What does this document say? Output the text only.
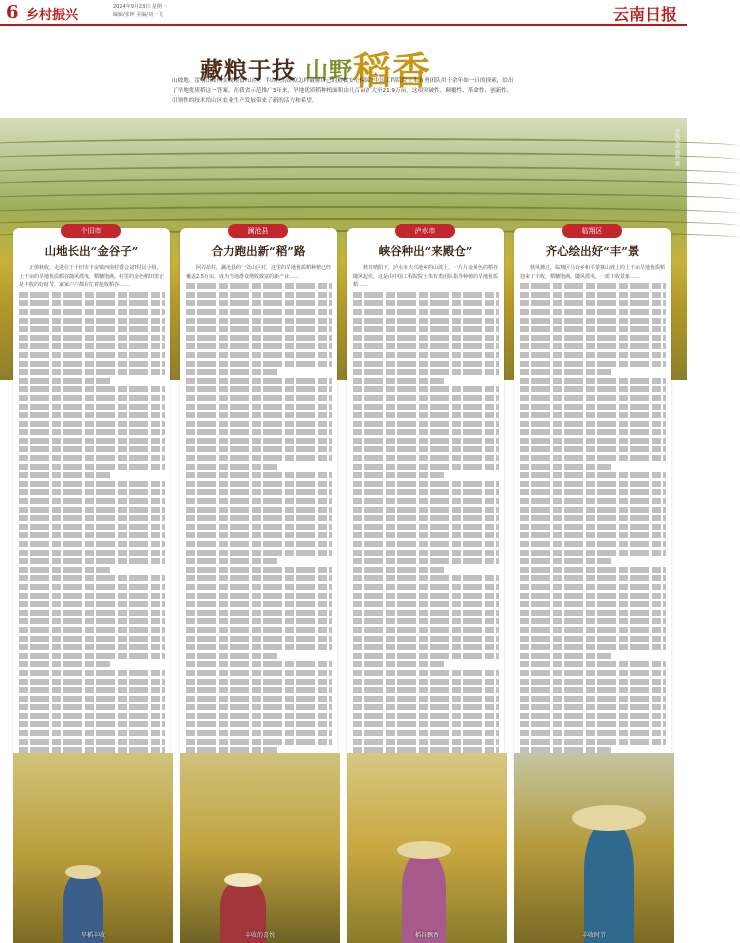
6 乡村振兴
2024年9月23日 星期一
编辑/张坤 美编/刘一飞	云南日报
藏粮于技 山野稻香
山坡地、雷响田如何实现粮食?山区、半山区的群众怎样破解自己的粮食安全保障?中国工程院院士朱有勇团队用十余年如一日的探索，给出了旱地优质稻这一答案。在我省示范推广3年来，旱地优质稻种植面积由几百亩扩大至21.9万亩，这项突破性、颠覆性、革命性、创新性、引领性的技术给山区农业生产发展带来了新的活力和希望。
本报记者 杨峥 摄
个旧市
山地长出“金谷子”

正值秋收，走进位于个旧市卡房镇西南村委会刘?村民小组，上千亩的旱地优质稻谷随风摇曳，稻穗饱满。村里的金色稻田里正是丰收的好时节，家家户户都在忙着抢收稻谷……

澜沧县
合力跑出新“稻”路

阿弄昂村，澜沧县的一处山区村，这里的旱地优质稻种植已经覆盖2.5万亩，成为当地群众增收致富的新产业……

泸水市
峡谷种出“来殿仓”

秋日晴阳下，泸水市大兴地乡的山坡上，一片片金黄色的稻谷随风起伏，这是由中国工程院院士朱有勇团队指导种植的旱地优质稻……

临翔区
齐心绘出好“丰”景

秋风拂过，临翔区马台乡和平蒙寨山坡上的上千亩旱地优质稻迎来了丰收，稻穗饱满、随风摇曳，一派丰收景象……

旱稻丰收	丰收的喜悦	稻谷飘香	丰收时节
